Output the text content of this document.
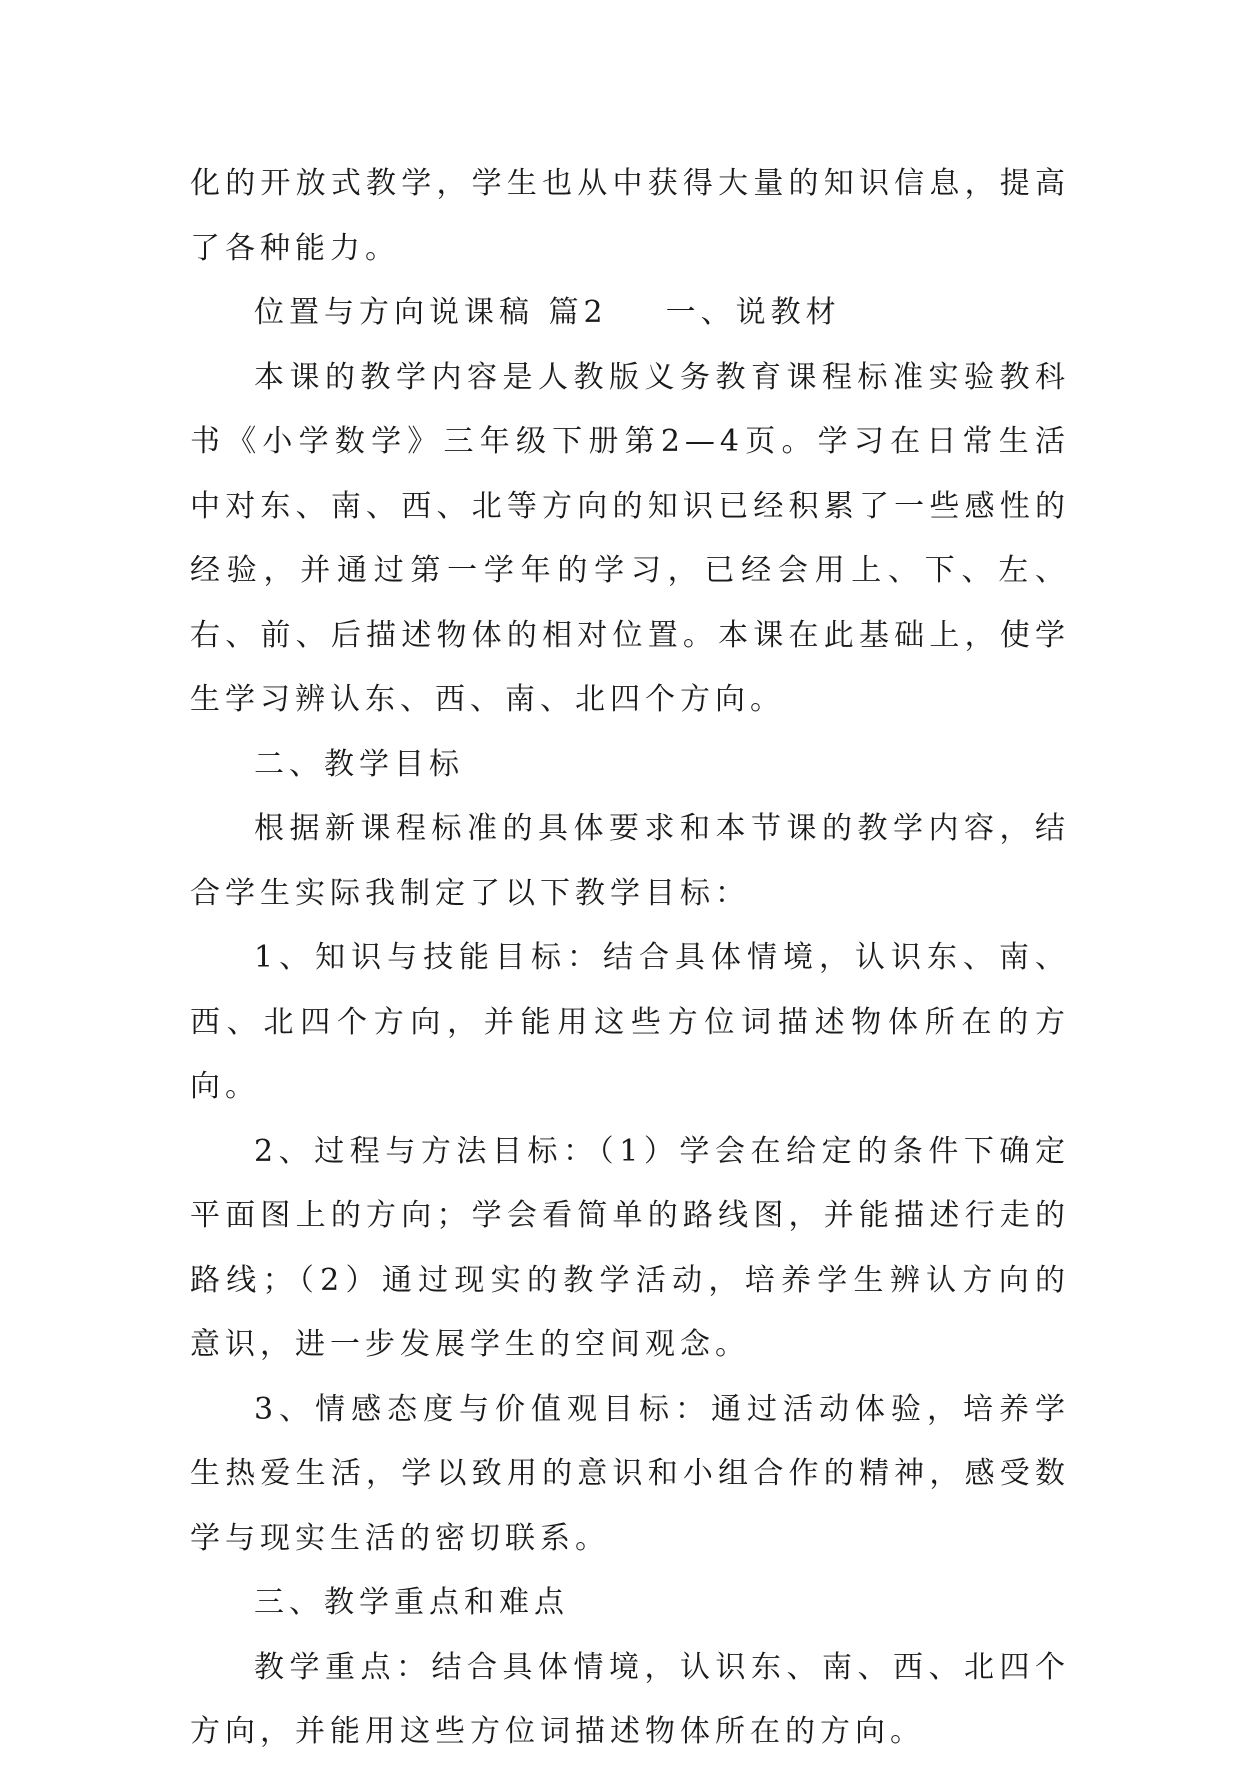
化的开放式教学，学生也从中获得大量的知识信息，提高了各种能力。

位置与方向说课稿 篇2 一、说教材

本课的教学内容是人教版义务教育课程标准实验教科书《小学数学》三年级下册第2—4页。学习在日常生活中对东、南、西、北等方向的知识已经积累了一些感性的经验，并通过第一学年的学习，已经会用上、下、左、右、前、后描述物体的相对位置。本课在此基础上，使学生学习辨认东、西、南、北四个方向。

二、教学目标

根据新课程标准的具体要求和本节课的教学内容，结合学生实际我制定了以下教学目标：

1、知识与技能目标：结合具体情境，认识东、南、西、北四个方向，并能用这些方位词描述物体所在的方向。

2、过程与方法目标：（1）学会在给定的条件下确定平面图上的方向；学会看简单的路线图，并能描述行走的路线；（2）通过现实的教学活动，培养学生辨认方向的意识，进一步发展学生的空间观念。

3、情感态度与价值观目标：通过活动体验，培养学生热爱生活，学以致用的意识和小组合作的精神，感受数学与现实生活的密切联系。

三、教学重点和难点

教学重点：结合具体情境，认识东、南、西、北四个方向，并能用这些方位词描述物体所在的方向。
